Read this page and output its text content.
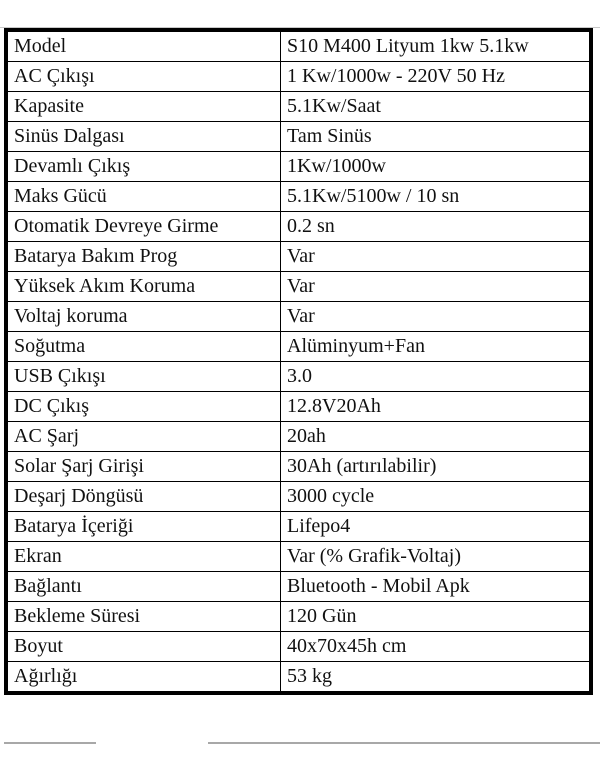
Model	S10 M400 Lityum 1kw 5.1kw
AC Çıkışı	1 Kw/1000w - 220V 50 Hz
Kapasite	5.1Kw/Saat
Sinüs Dalgası	Tam Sinüs
Devamlı Çıkış	1Kw/1000w
Maks Gücü	5.1Kw/5100w / 10 sn
Otomatik Devreye Girme	0.2 sn
Batarya Bakım Prog	Var
Yüksek Akım Koruma	Var
Voltaj koruma	Var
Soğutma	Alüminyum+Fan
USB Çıkışı	3.0
DC Çıkış	12.8V20Ah
AC Şarj	20ah
Solar Şarj Girişi	30Ah (artırılabilir)
Deşarj Döngüsü	3000 cycle
Batarya İçeriği	Lifepo4
Ekran	Var (% Grafik-Voltaj)
Bağlantı	Bluetooth - Mobil Apk
Bekleme Süresi	120 Gün
Boyut	40x70x45h cm
Ağırlığı	53 kg
